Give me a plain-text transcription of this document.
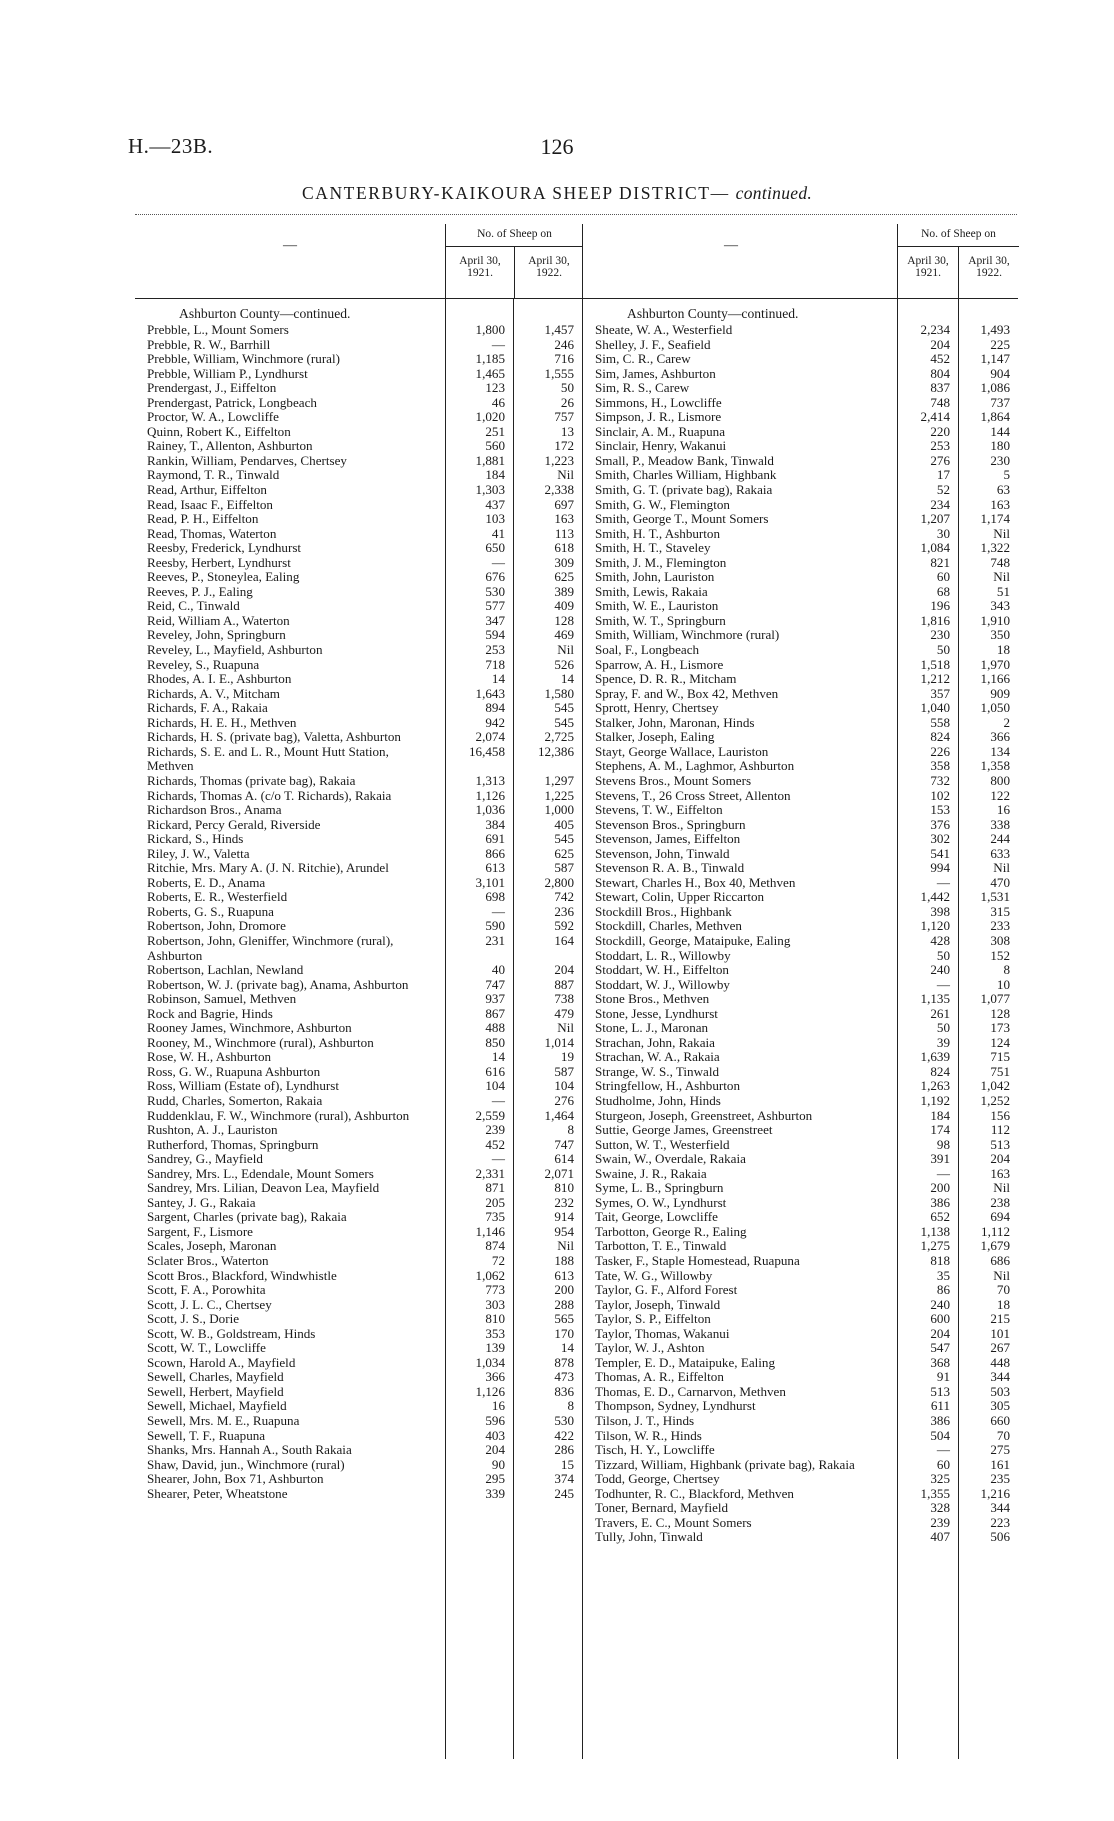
H.—23B.	126
CANTERBURY-KAIKOURA SHEEP DISTRICT— continued.
—
No. of Sheep on
April 30, 1921.
April 30, 1922.
Ashburton County—continued.
Prebble, L., Mount Somers	1,800	1,457
Prebble, R. W., Barrhill	—	246
Prebble, William, Winchmore (rural)	1,185	716
Prebble, William P., Lyndhurst	1,465	1,555
Prendergast, J., Eiffelton	123	50
Prendergast, Patrick, Longbeach	46	26
Proctor, W. A., Lowcliffe	1,020	757
Quinn, Robert K., Eiffelton	251	13
Rainey, T., Allenton, Ashburton	560	172
Rankin, William, Pendarves, Chertsey	1,881	1,223
Raymond, T. R., Tinwald	184	Nil
Read, Arthur, Eiffelton	1,303	2,338
Read, Isaac F., Eiffelton	437	697
Read, P. H., Eiffelton	103	163
Read, Thomas, Waterton	41	113
Reesby, Frederick, Lyndhurst	650	618
Reesby, Herbert, Lyndhurst	—	309
Reeves, P., Stoneylea, Ealing	676	625
Reeves, P. J., Ealing	530	389
Reid, C., Tinwald	577	409
Reid, William A., Waterton	347	128
Reveley, John, Springburn	594	469
Reveley, L., Mayfield, Ashburton	253	Nil
Reveley, S., Ruapuna	718	526
Rhodes, A. I. E., Ashburton	14	14
Richards, A. V., Mitcham	1,643	1,580
Richards, F. A., Rakaia	894	545
Richards, H. E. H., Methven	942	545
Richards, H. S. (private bag), Valetta, Ashburton	2,074	2,725
Richards, S. E. and L. R., Mount Hutt Station, Methven
16,458	12,386
Richards, Thomas (private bag), Rakaia	1,313	1,297
Richards, Thomas A. (c/o T. Richards), Rakaia	1,126	1,225
Richardson Bros., Anama	1,036	1,000
Rickard, Percy Gerald, Riverside	384	405
Rickard, S., Hinds	691	545
Riley, J. W., Valetta	866	625
Ritchie, Mrs. Mary A. (J. N. Ritchie), Arundel	613	587
Roberts, E. D., Anama	3,101	2,800
Roberts, E. R., Westerfield	698	742
Roberts, G. S., Ruapuna	—	236
Robertson, John, Dromore	590	592
Robertson, John, Gleniffer, Winchmore (rural), Ashburton
231	164
Robertson, Lachlan, Newland	40	204
Robertson, W. J. (private bag), Anama, Ashburton	747	887
Robinson, Samuel, Methven	937	738
Rock and Bagrie, Hinds	867	479
Rooney James, Winchmore, Ashburton	488	Nil
Rooney, M., Winchmore (rural), Ashburton	850	1,014
Rose, W. H., Ashburton	14	19
Ross, G. W., Ruapuna Ashburton	616	587
Ross, William (Estate of), Lyndhurst	104	104
Rudd, Charles, Somerton, Rakaia	—	276
Ruddenklau, F. W., Winchmore (rural), Ashburton	2,559	1,464
Rushton, A. J., Lauriston	239	8
Rutherford, Thomas, Springburn	452	747
Sandrey, G., Mayfield	—	614
Sandrey, Mrs. L., Edendale, Mount Somers	2,331	2,071
Sandrey, Mrs. Lilian, Deavon Lea, Mayfield	871	810
Santey, J. G., Rakaia	205	232
Sargent, Charles (private bag), Rakaia	735	914
Sargent, F., Lismore	1,146	954
Scales, Joseph, Maronan	874	Nil
Sclater Bros., Waterton	72	188
Scott Bros., Blackford, Windwhistle	1,062	613
Scott, F. A., Porowhita	773	200
Scott, J. L. C., Chertsey	303	288
Scott, J. S., Dorie	810	565
Scott, W. B., Goldstream, Hinds	353	170
Scott, W. T., Lowcliffe	139	14
Scown, Harold A., Mayfield	1,034	878
Sewell, Charles, Mayfield	366	473
Sewell, Herbert, Mayfield	1,126	836
Sewell, Michael, Mayfield	16	8
Sewell, Mrs. M. E., Ruapuna	596	530
Sewell, T. F., Ruapuna	403	422
Shanks, Mrs. Hannah A., South Rakaia	204	286
Shaw, David, jun., Winchmore (rural)	90	15
Shearer, John, Box 71, Ashburton	295	374
Shearer, Peter, Wheatstone	339	245
—
No. of Sheep on
April 30, 1921.
April 30, 1922.
Ashburton County—continued.
Sheate, W. A., Westerfield	2,234	1,493
Shelley, J. F., Seafield	204	225
Sim, C. R., Carew	452	1,147
Sim, James, Ashburton	804	904
Sim, R. S., Carew	837	1,086
Simmons, H., Lowcliffe	748	737
Simpson, J. R., Lismore	2,414	1,864
Sinclair, A. M., Ruapuna	220	144
Sinclair, Henry, Wakanui	253	180
Small, P., Meadow Bank, Tinwald	276	230
Smith, Charles William, Highbank	17	5
Smith, G. T. (private bag), Rakaia	52	63
Smith, G. W., Flemington	234	163
Smith, George T., Mount Somers	1,207	1,174
Smith, H. T., Ashburton	30	Nil
Smith, H. T., Staveley	1,084	1,322
Smith, J. M., Flemington	821	748
Smith, John, Lauriston	60	Nil
Smith, Lewis, Rakaia	68	51
Smith, W. E., Lauriston	196	343
Smith, W. T., Springburn	1,816	1,910
Smith, William, Winchmore (rural)	230	350
Soal, F., Longbeach	50	18
Sparrow, A. H., Lismore	1,518	1,970
Spence, D. R. R., Mitcham	1,212	1,166
Spray, F. and W., Box 42, Methven	357	909
Sprott, Henry, Chertsey	1,040	1,050
Stalker, John, Maronan, Hinds	558	2
Stalker, Joseph, Ealing	824	366
Stayt, George Wallace, Lauriston	226	134
Stephens, A. M., Laghmor, Ashburton	358	1,358
Stevens Bros., Mount Somers	732	800
Stevens, T., 26 Cross Street, Allenton	102	122
Stevens, T. W., Eiffelton	153	16
Stevenson Bros., Springburn	376	338
Stevenson, James, Eiffelton	302	244
Stevenson, John, Tinwald	541	633
Stevenson R. A. B., Tinwald	994	Nil
Stewart, Charles H., Box 40, Methven	—	470
Stewart, Colin, Upper Riccarton	1,442	1,531
Stockdill Bros., Highbank	398	315
Stockdill, Charles, Methven	1,120	233
Stockdill, George, Mataipuke, Ealing	428	308
Stoddart, L. R., Willowby	50	152
Stoddart, W. H., Eiffelton	240	8
Stoddart, W. J., Willowby	—	10
Stone Bros., Methven	1,135	1,077
Stone, Jesse, Lyndhurst	261	128
Stone, L. J., Maronan	50	173
Strachan, John, Rakaia	39	124
Strachan, W. A., Rakaia	1,639	715
Strange, W. S., Tinwald	824	751
Stringfellow, H., Ashburton	1,263	1,042
Studholme, John, Hinds	1,192	1,252
Sturgeon, Joseph, Greenstreet, Ashburton	184	156
Suttie, George James, Greenstreet	174	112
Sutton, W. T., Westerfield	98	513
Swain, W., Overdale, Rakaia	391	204
Swaine, J. R., Rakaia	—	163
Syme, L. B., Springburn	200	Nil
Symes, O. W., Lyndhurst	386	238
Tait, George, Lowcliffe	652	694
Tarbotton, George R., Ealing	1,138	1,112
Tarbotton, T. E., Tinwald	1,275	1,679
Tasker, F., Staple Homestead, Ruapuna	818	686
Tate, W. G., Willowby	35	Nil
Taylor, G. F., Alford Forest	86	70
Taylor, Joseph, Tinwald	240	18
Taylor, S. P., Eiffelton	600	215
Taylor, Thomas, Wakanui	204	101
Taylor, W. J., Ashton	547	267
Templer, E. D., Mataipuke, Ealing	368	448
Thomas, A. R., Eiffelton	91	344
Thomas, E. D., Carnarvon, Methven	513	503
Thompson, Sydney, Lyndhurst	611	305
Tilson, J. T., Hinds	386	660
Tilson, W. R., Hinds	504	70
Tisch, H. Y., Lowcliffe	—	275
Tizzard, William, Highbank (private bag), Rakaia	60	161
Todd, George, Chertsey	325	235
Todhunter, R. C., Blackford, Methven	1,355	1,216
Toner, Bernard, Mayfield	328	344
Travers, E. C., Mount Somers	239	223
Tully, John, Tinwald	407	506
